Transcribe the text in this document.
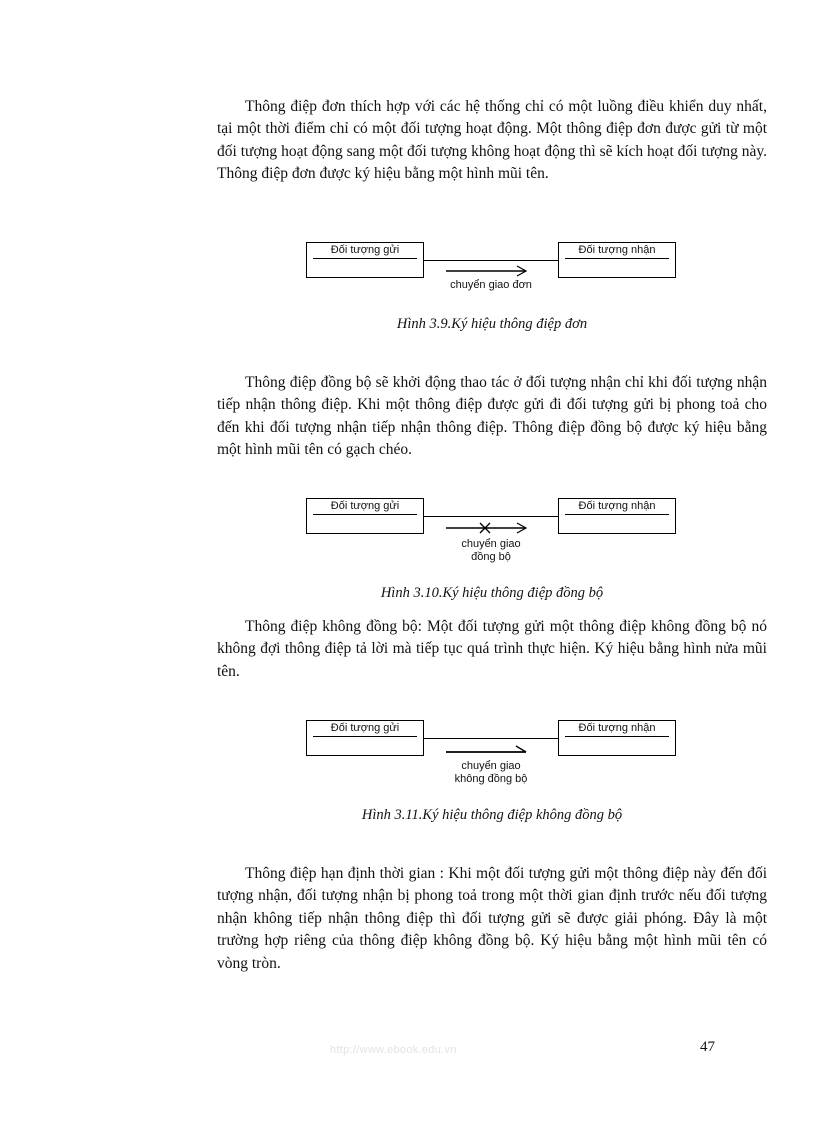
Thông điệp đơn thích hợp với các hệ thống chỉ có một luồng điều khiển duy nhất, tại một thời điểm chỉ có một đối tượng hoạt động. Một thông điệp đơn được gửi từ một đối tượng hoạt động sang một đối tượng không hoạt động thì sẽ kích hoạt đối tượng này. Thông điệp đơn được ký hiệu bằng một hình mũi tên.

Đối tượng gửi	Đối tượng nhận
chuyển giao đơn

Hình 3.9.Ký hiệu thông điệp đơn

Thông điệp đồng bộ sẽ khởi động thao tác ở đối tượng nhận chỉ khi đối tượng nhận tiếp nhận thông điệp. Khi một thông điệp được gửi đi đối tượng gửi bị phong toả cho đến khi đối tượng nhận tiếp nhận thông điệp. Thông điệp đồng bộ được ký hiệu bằng một hình mũi tên có gạch chéo.

Đối tượng gửi	Đối tượng nhận
chuyển giao
đồng bộ

Hình 3.10.Ký hiệu thông điệp đồng bộ

Thông điệp không đồng bộ: Một đối tượng gửi một thông điệp không đồng bộ nó không đợi thông điệp tả lời mà tiếp tục quá trình thực hiện. Ký hiệu bằng hình nửa mũi tên.

Đối tượng gửi	Đối tượng nhận
chuyển giao
không đồng bộ

Hình 3.11.Ký hiệu thông điệp không đồng bộ

Thông điệp hạn định thời gian : Khi một đối tượng gửi một thông điệp này đến đối tượng nhận, đối tượng nhận bị phong toả trong một thời gian định trước nếu đối tượng nhận không tiếp nhận thông điệp thì đối tượng gửi sẽ được giải phóng. Đây là một trường hợp riêng của thông điệp không đồng bộ. Ký hiệu bằng một hình mũi tên có vòng tròn.

http://www.ebook.edu.vn	47
